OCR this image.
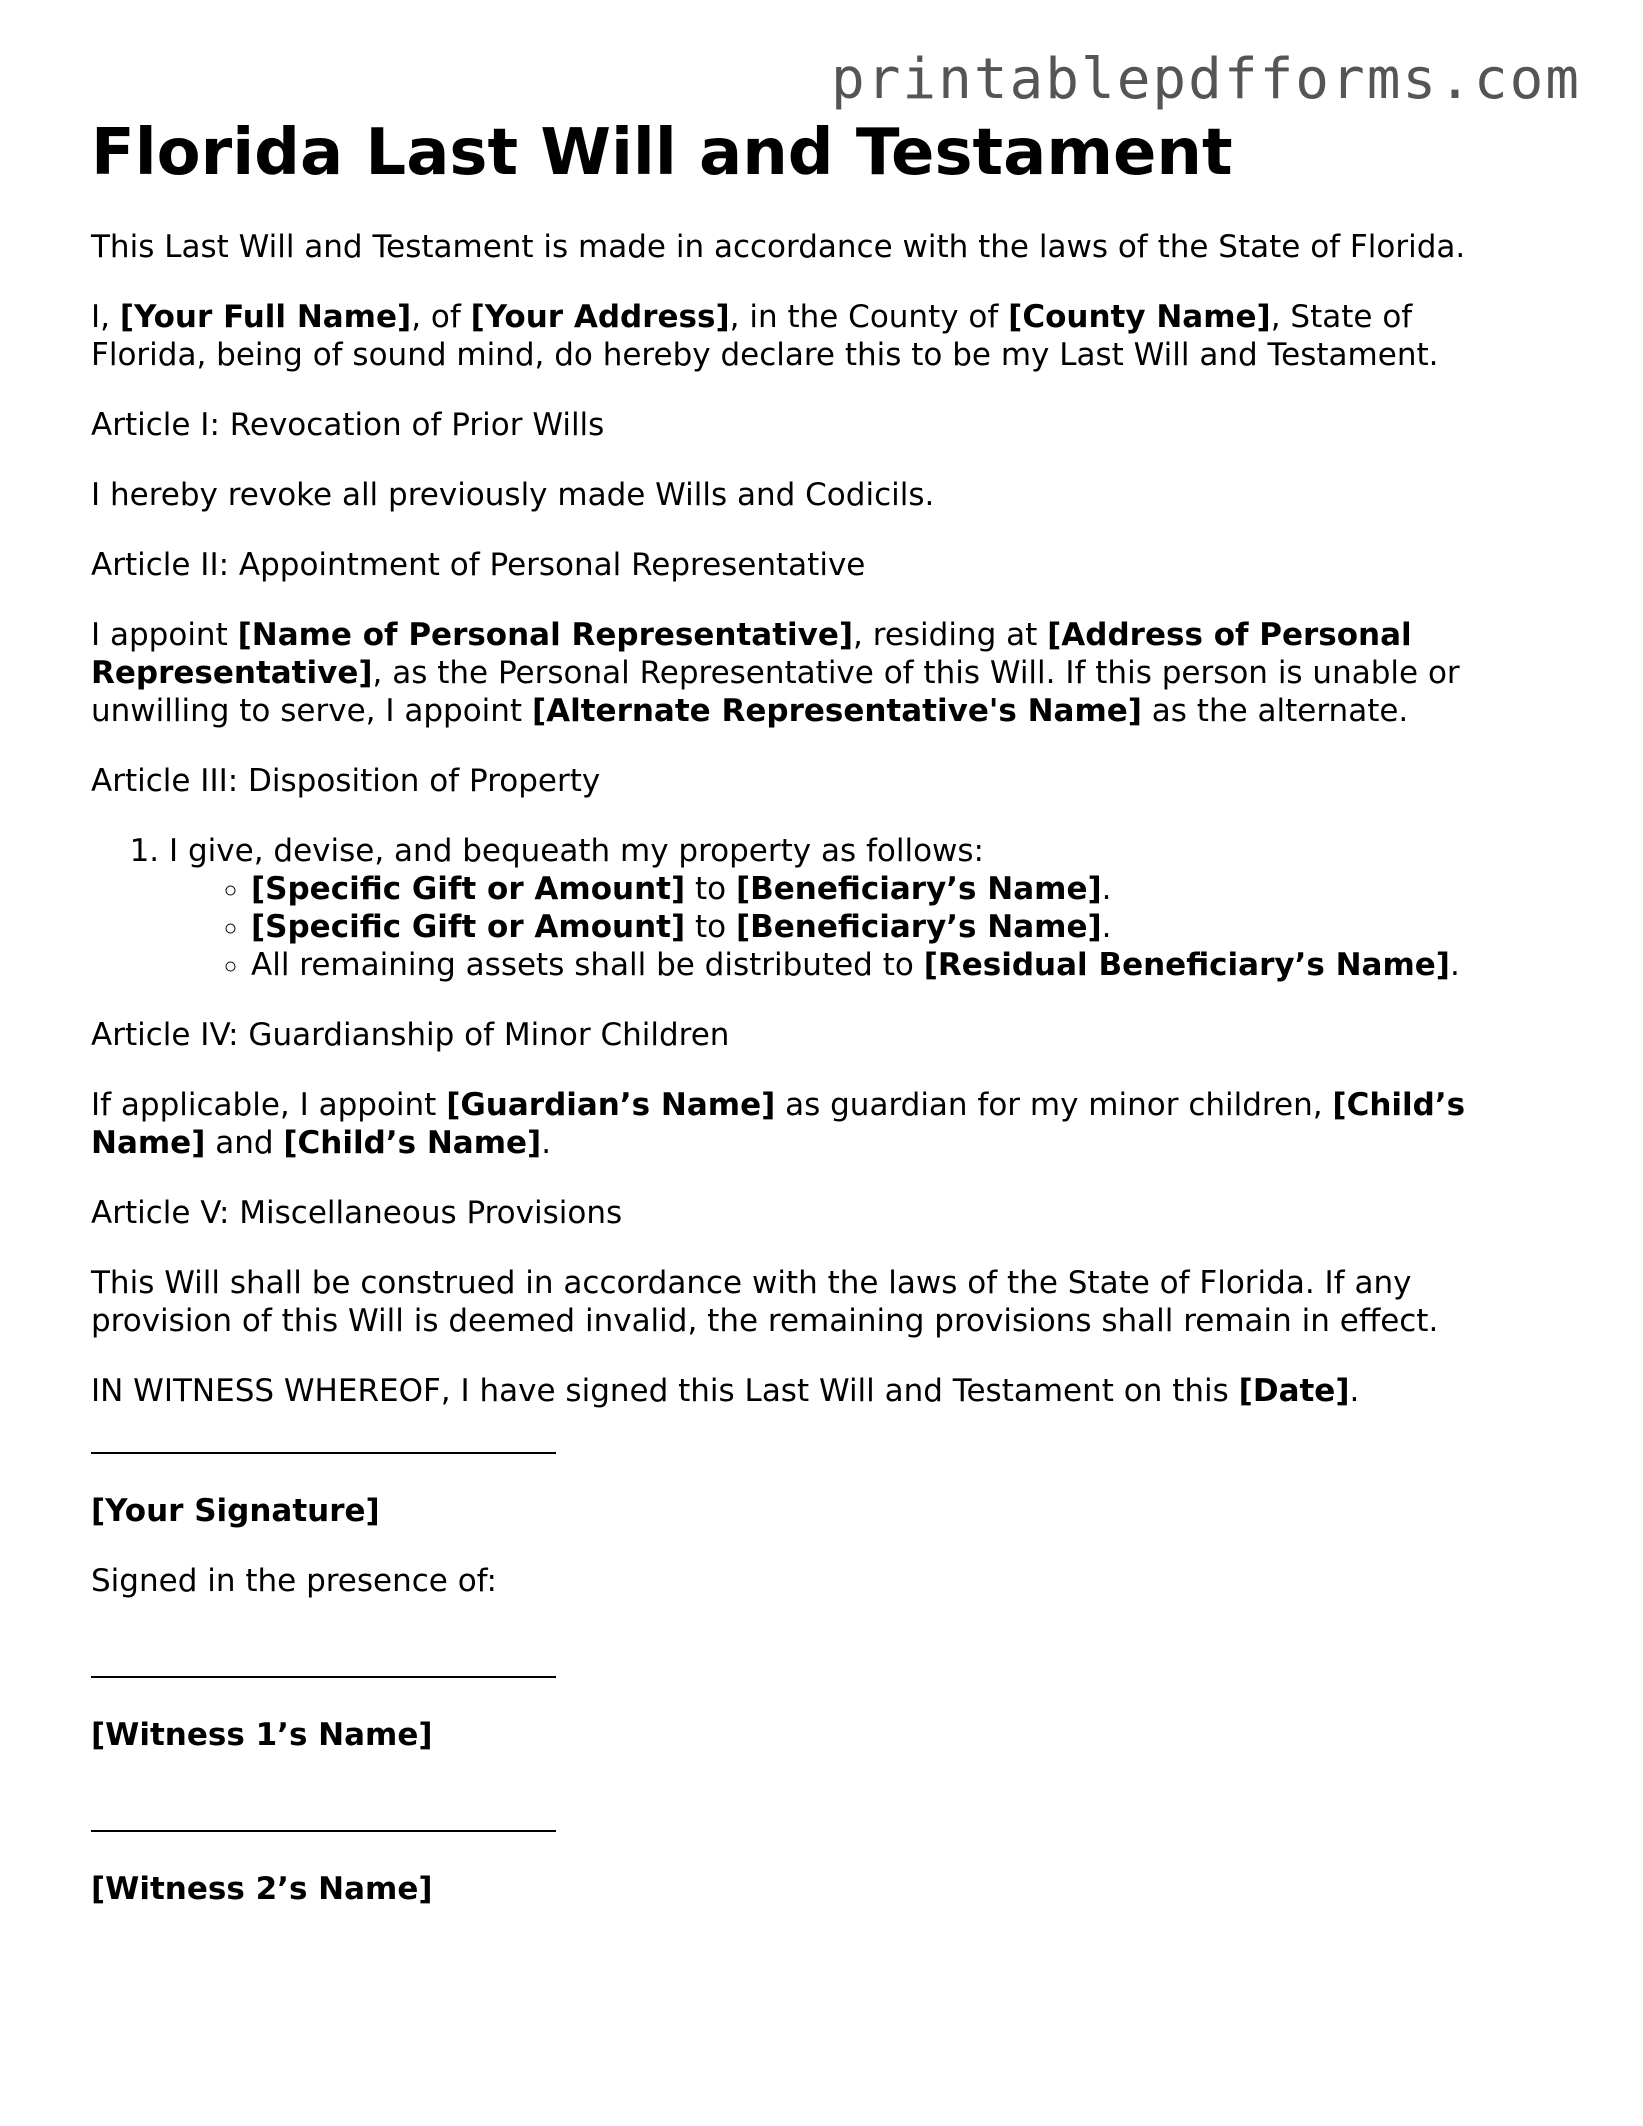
printablepdfforms.com
Florida Last Will and Testament

This Last Will and Testament is made in accordance with the laws of the State of Florida.

I, [Your Full Name], of [Your Address], in the County of [County Name], State of Florida, being of sound mind, do hereby declare this to be my Last Will and Testament.

Article I: Revocation of Prior Wills

I hereby revoke all previously made Wills and Codicils.

Article II: Appointment of Personal Representative

I appoint [Name of Personal Representative], residing at [Address of Personal Representative], as the Personal Representative of this Will. If this person is unable or unwilling to serve, I appoint [Alternate Representative's Name] as the alternate.

Article III: Disposition of Property

1. I give, devise, and bequeath my property as follows:
◦ [Specific Gift or Amount] to [Beneficiary’s Name].
◦ [Specific Gift or Amount] to [Beneficiary’s Name].
◦ All remaining assets shall be distributed to [Residual Beneficiary’s Name].

Article IV: Guardianship of Minor Children

If applicable, I appoint [Guardian’s Name] as guardian for my minor children, [Child’s Name] and [Child’s Name].

Article V: Miscellaneous Provisions

This Will shall be construed in accordance with the laws of the State of Florida. If any provision of this Will is deemed invalid, the remaining provisions shall remain in effect.

IN WITNESS WHEREOF, I have signed this Last Will and Testament on this [Date].

[Your Signature]

Signed in the presence of:

[Witness 1’s Name]
[Witness 2’s Name]
